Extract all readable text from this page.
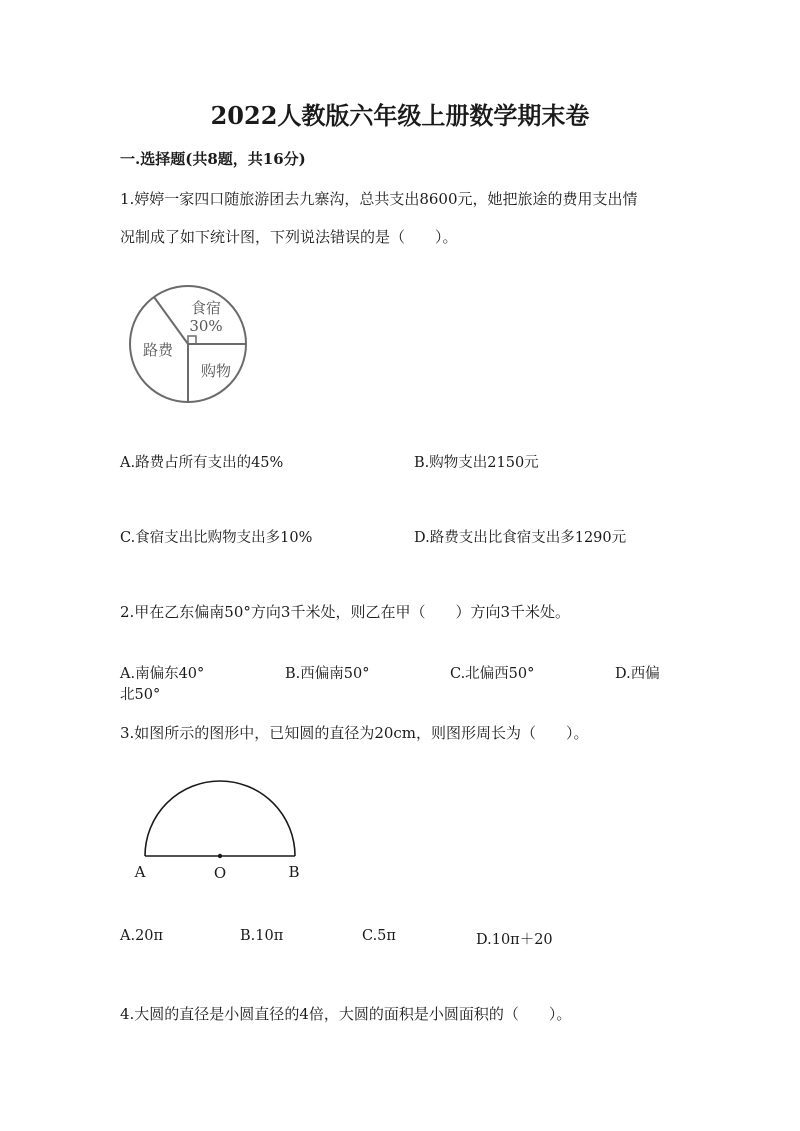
2022人教版六年级上册数学期末卷
一.选择题(共8题，共16分)
1.婷婷一家四口随旅游团去九寨沟，总共支出8600元，她把旅途的费用支出情
况制成了如下统计图，下列说法错误的是（　　）。
食宿
30%
购物
路费
A.路费占所有支出的45%	B.购物支出2150元
C.食宿支出比购物支出多10%	D.路费支出比食宿支出多1290元
2.甲在乙东偏南50°方向3千米处，则乙在甲（　　）方向3千米处。
A.南偏东40°	B.西偏南50°	C.北偏西50°	D.西偏
北50°
3.如图所示的图形中，已知圆的直径为20cm，则图形周长为（　　）。
A	O	B
A.20π	B.10π	C.5π	D.10π＋20
4.大圆的直径是小圆直径的4倍，大圆的面积是小圆面积的（　　）。
